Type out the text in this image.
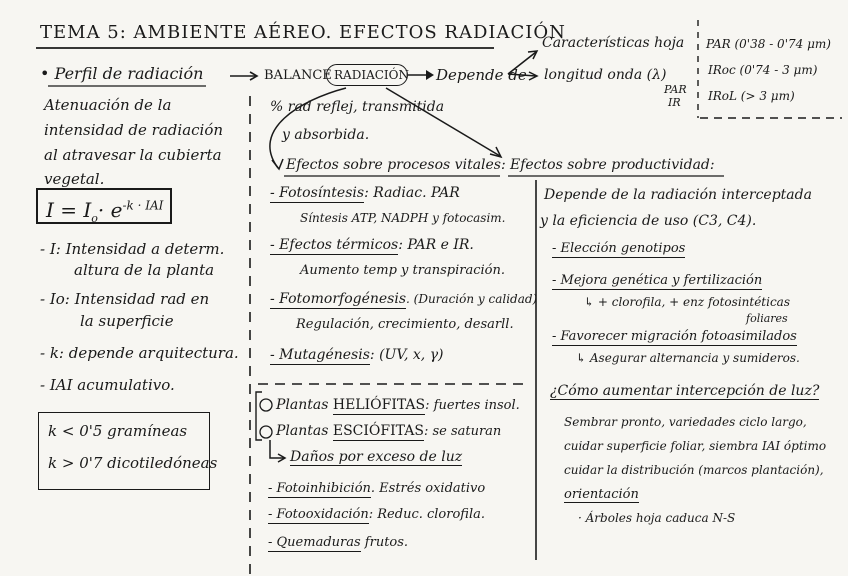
TEMA 5: AMBIENTE AÉREO. EFECTOS RADIACIÓN
• Perfil de radiación
Atenuación de la
intensidad de radiación
al atravesar la cubierta
vegetal.
$I = I_o\cdot e^{-k \cdot IAI}$
- I: Intensidad a determ.
altura de la planta
- Io: Intensidad rad en
la superficie
- k: depende arquitectura.
- IAI acumulativo.
k < 0'5 gramíneas
k > 0'7 dicotiledóneas
BALANCE RADIACIÓN Depende de
% rad reflej, transmitida
y absorbida.
Características hoja
longitud onda (λ)
PAR
IR
PAR (0'38 - 0'74 μm)
IRoc (0'74 - 3 μm)
IRoL (> 3 μm)
Efectos sobre procesos vitales:
- Fotosíntesis: Radiac. PAR
Síntesis ATP, NADPH y fotocasim.
- Efectos térmicos: PAR e IR.
Aumento temp y transpiración.
- Fotomorfogénesis. (Duración y calidad)
Regulación, crecimiento, desarll.
- Mutagénesis: (UV, x, γ)
Plantas HELIÓFITAS: fuertes insol.
Plantas ESCIÓFITAS: se saturan
Daños por exceso de luz
- Fotoinhibición. Estrés oxidativo
- Fotooxidación: Reduc. clorofila.
- Quemaduras frutos.
Efectos sobre productividad:
Depende de la radiación interceptada
y la eficiencia de uso (C3, C4).
- Elección genotipos
- Mejora genética y fertilización
↳ + clorofila, + enz fotosintéticas
foliares
- Favorecer migración fotoasimilados
↳ Asegurar alternancia y sumideros.
¿Cómo aumentar intercepción de luz?
Sembrar pronto, variedades ciclo largo,
cuidar superficie foliar, siembra IAI óptimo
cuidar la distribución (marcos plantación),
orientación
· Árboles hoja caduca N-S
